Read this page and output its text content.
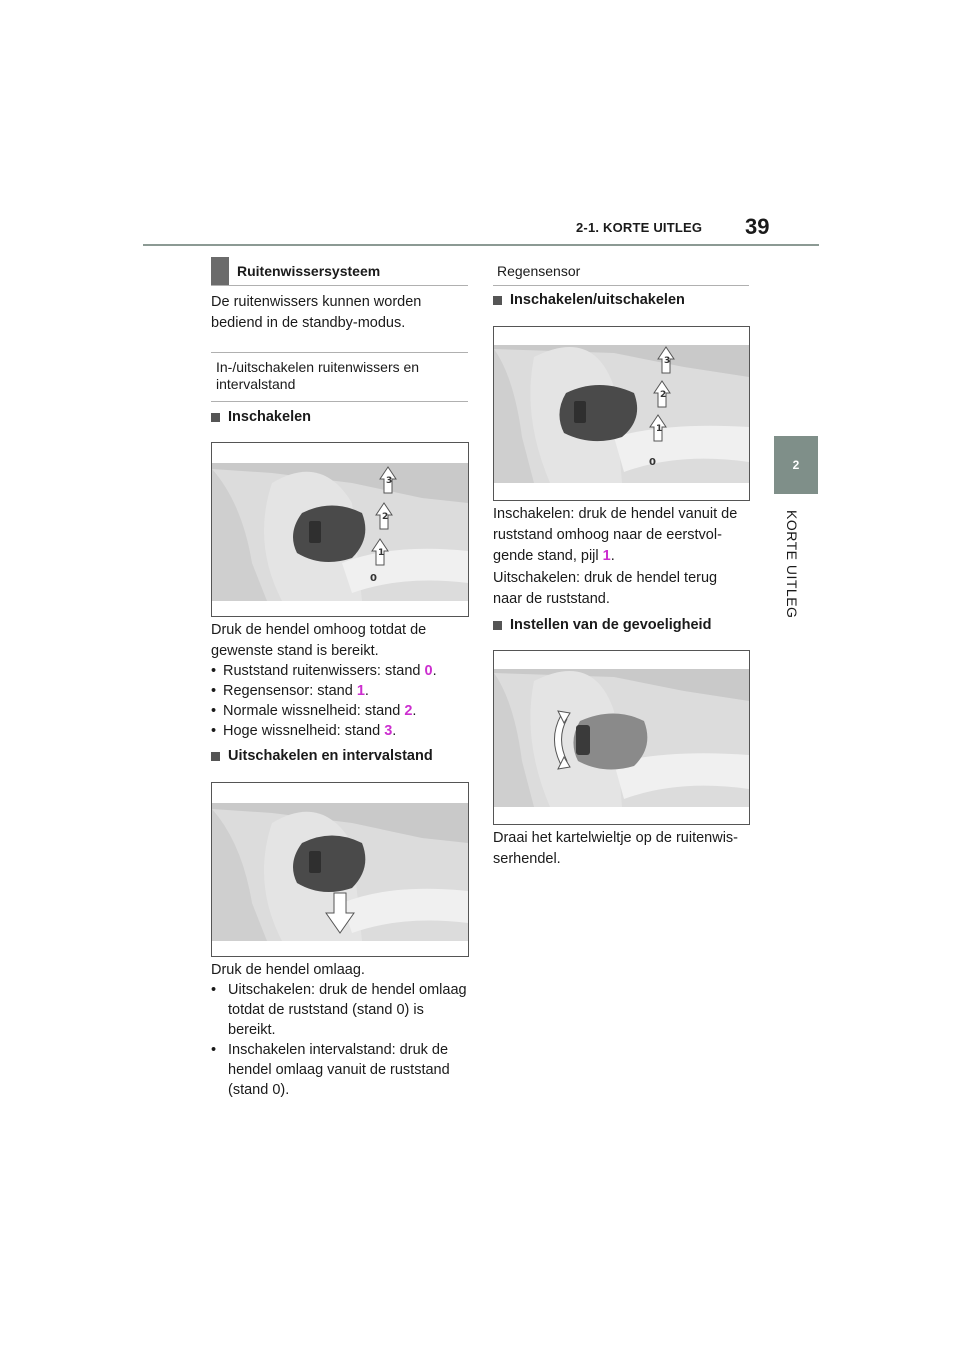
39
2-1. KORTE UITLEG
2
KORTE UITLEG
Ruitenwissersysteem
De ruitenwissers kunnen worden bediend in de standby-modus.
In-/uitschakelen ruitenwissers en intervalstand
Inschakelen
1
2
3
0
Druk de hendel omhoog totdat de gewenste stand is bereikt.
• Ruststand ruitenwissers: stand 0.
• Regensensor: stand 1.
• Normale wissnelheid: stand 2.
• Hoge wissnelheid: stand 3.
Uitschakelen en intervalstand
Druk de hendel omlaag.
• Uitschakelen: druk de hendel omlaag totdat de ruststand (stand 0) is bereikt.
• Inschakelen intervalstand: druk de hendel omlaag vanuit de ruststand (stand 0).
Regensensor
Inschakelen/uitschakelen
1
2
3
0
Inschakelen: druk de hendel vanuit de ruststand omhoog naar de eerstvol-gende stand, pijl 1.
Uitschakelen: druk de hendel terug naar de ruststand.
Instellen van de gevoeligheid
Draai het kartelwieltje op de ruitenwis-serhendel.
